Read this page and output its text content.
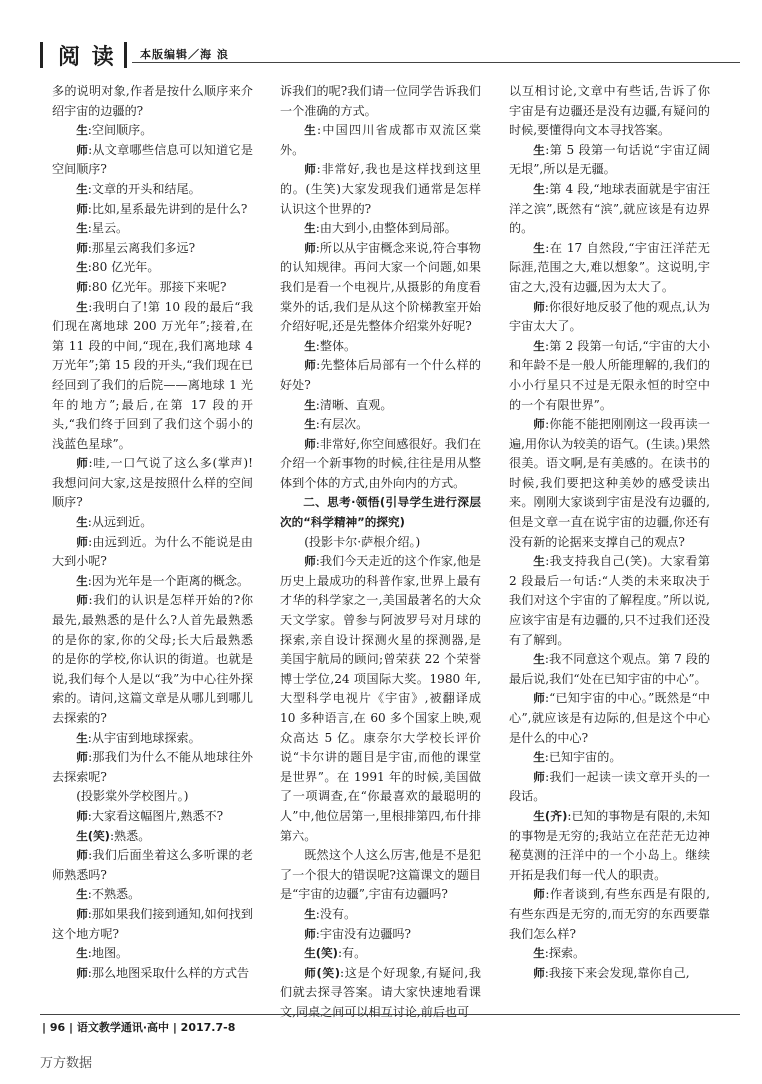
阅 读 本版编辑／海 浪

多的说明对象,作者是按什么顺序来介绍宇宙的边疆的?

生:空间顺序。

师:从文章哪些信息可以知道它是空间顺序?

生:文章的开头和结尾。

师:比如,星系最先讲到的是什么?

生:星云。

师:那星云离我们多远?

生:80 亿光年。

师:80 亿光年。那接下来呢?

生:我明白了!第 10 段的最后“我们现在离地球 200 万光年”;接着,在第 11 段的中间,“现在,我们离地球 4 万光年”;第 15 段的开头,“我们现在已经回到了我们的后院——离地球 1 光年的地方”;最后,在第 17 段的开头,“我们终于回到了我们这个弱小的浅蓝色星球”。

师:哇,一口气说了这么多(掌声)!我想问问大家,这是按照什么样的空间顺序?

生:从远到近。

师:由远到近。为什么不能说是由大到小呢?

生:因为光年是一个距离的概念。

师:我们的认识是怎样开始的?你最先,最熟悉的是什么?人首先最熟悉的是你的家,你的父母;长大后最熟悉的是你的学校,你认识的街道。也就是说,我们每个人是以“我”为中心往外探索的。请问,这篇文章是从哪儿到哪儿去探索的?

生:从宇宙到地球探索。

师:那我们为什么不能从地球往外去探索呢?

(投影棠外学校图片。)

师:大家看这幅图片,熟悉不?

生(笑):熟悉。

师:我们后面坐着这么多听课的老师熟悉吗?

生:不熟悉。

师:那如果我们接到通知,如何找到这个地方呢?

生:地图。

师:那么地图采取什么样的方式告

诉我们的呢?我们请一位同学告诉我们一个准确的方式。

生:中国四川省成都市双流区棠外。

师:非常好,我也是这样找到这里的。(生笑)大家发现我们通常是怎样认识这个世界的?

生:由大到小,由整体到局部。

师:所以从宇宙概念来说,符合事物的认知规律。再问大家一个问题,如果我们是看一个电视片,从摄影的角度看棠外的话,我们是从这个阶梯教室开始介绍好呢,还是先整体介绍棠外好呢?

生:整体。

师:先整体后局部有一个什么样的好处?

生:清晰、直观。

生:有层次。

师:非常好,你空间感很好。我们在介绍一个新事物的时候,往往是用从整体到个体的方式,由外向内的方式。

二、思考·领悟(引导学生进行深层次的“科学精神”的探究)

(投影卡尔·萨根介绍。)

师:我们今天走近的这个作家,他是历史上最成功的科普作家,世界上最有才华的科学家之一,美国最著名的大众天文学家。曾参与阿波罗号对月球的探索,亲自设计探测火星的探测器,是美国宇航局的顾问;曾荣获 22 个荣誉博士学位,24 项国际大奖。1980 年,大型科学电视片《宇宙》,被翻译成 10 多种语言,在 60 多个国家上映,观众高达 5 亿。康奈尔大学校长评价说“卡尔讲的题目是宇宙,而他的课堂是世界”。在 1991 年的时候,美国做了一项调查,在“你最喜欢的最聪明的人”中,他位居第一,里根排第四,布什排第六。

既然这个人这么厉害,他是不是犯了一个很大的错误呢?这篇课文的题目是“宇宙的边疆”,宇宙有边疆吗?

生:没有。

师:宇宙没有边疆吗?

生(笑):有。

师(笑):这是个好现象,有疑问,我们就去探寻答案。请大家快速地看课文,同桌之间可以相互讨论,前后也可

以互相讨论,文章中有些话,告诉了你宇宙是有边疆还是没有边疆,有疑问的时候,要懂得向文本寻找答案。

生:第 5 段第一句话说“宇宙辽阔无垠”,所以是无疆。

生:第 4 段,“地球表面就是宇宙汪洋之滨”,既然有“滨”,就应该是有边界的。

生:在 17 自然段,“宇宙汪洋茫无际涯,范围之大,难以想象”。这说明,宇宙之大,没有边疆,因为太大了。

师:你很好地反驳了他的观点,认为宇宙太大了。

生:第 2 段第一句话,“宇宙的大小和年龄不是一般人所能理解的,我们的小小行星只不过是无限永恒的时空中的一个有限世界”。

师:你能不能把刚刚这一段再读一遍,用你认为较美的语气。(生读。)果然很美。语文啊,是有美感的。在读书的时候,我们要把这种美妙的感受读出来。刚刚大家谈到宇宙是没有边疆的,但是文章一直在说宇宙的边疆,你还有没有新的论据来支撑自己的观点?

生:我支持我自己(笑)。大家看第 2 段最后一句话:“人类的未来取决于我们对这个宇宙的了解程度。”所以说,应该宇宙是有边疆的,只不过我们还没有了解到。

生:我不同意这个观点。第 7 段的最后说,我们“处在已知宇宙的中心”。

师:“已知宇宙的中心。”既然是“中心”,就应该是有边际的,但是这个中心是什么的中心?

生:已知宇宙的。

师:我们一起读一读文章开头的一段话。

生(齐):已知的事物是有限的,未知的事物是无穷的;我站立在茫茫无边神秘莫测的汪洋中的一个小岛上。继续开拓是我们每一代人的职责。

师:作者谈到,有些东西是有限的,有些东西是无穷的,而无穷的东西要靠我们怎么样?

生:探索。

师:我接下来会发现,靠你自己,

| 96 | 语文教学通讯·高中 | 2017.7-8
万方数据
